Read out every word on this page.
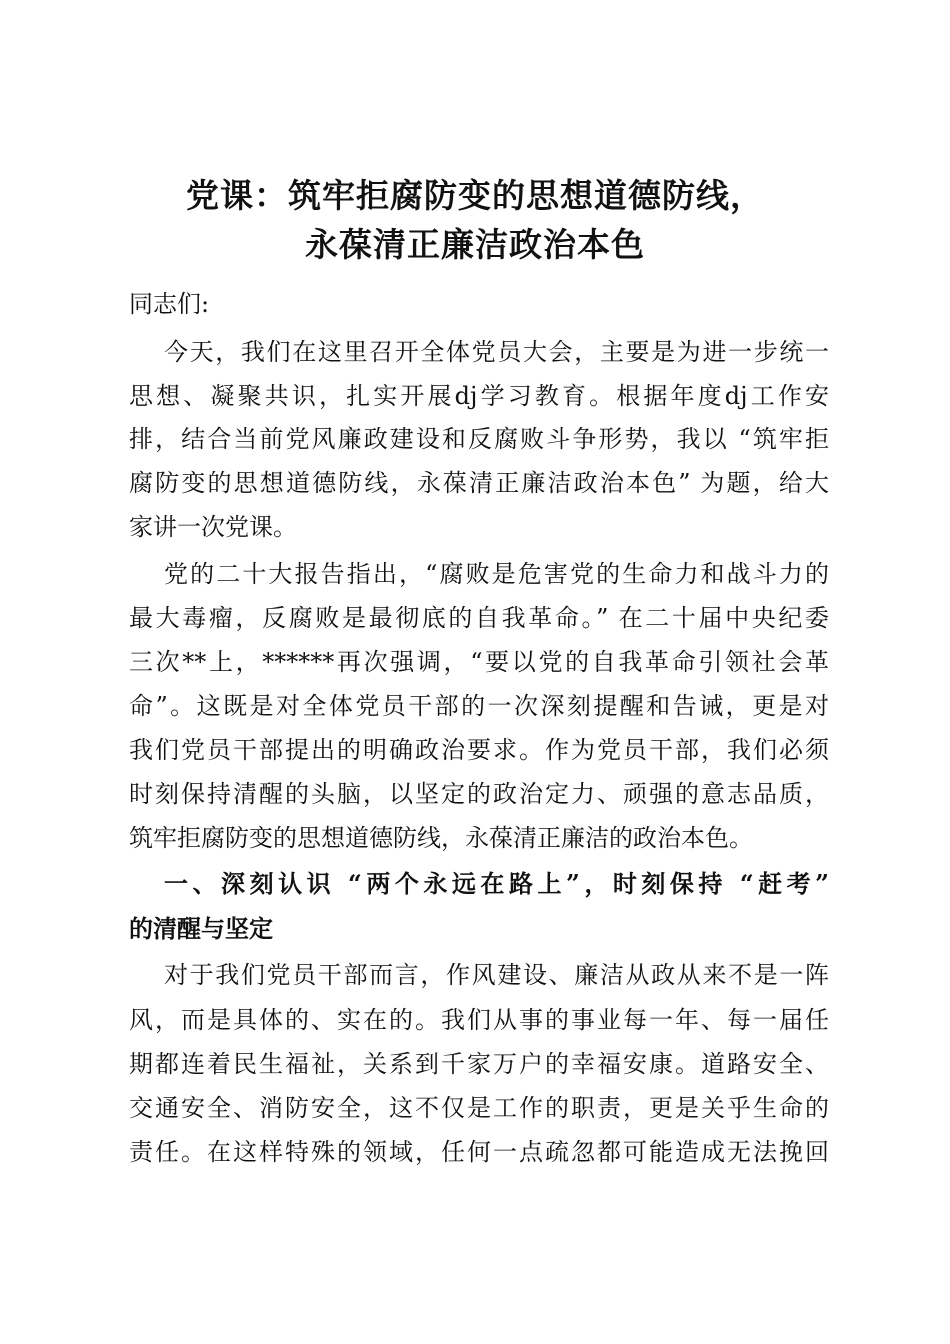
党课：筑牢拒腐防变的思想道德防线，
永葆清正廉洁政治本色
同志们:
今天，我们在这里召开全体党员大会，主要是为进一步统一
思想、凝聚共识，扎实开展dj学习教育。根据年度dj工作安
排，结合当前党风廉政建设和反腐败斗争形势，我以 “筑牢拒
腐防变的思想道德防线，永葆清正廉洁政治本色” 为题，给大
家讲一次党课。
党的二十大报告指出，“腐败是危害党的生命力和战斗力的
最大毒瘤，反腐败是最彻底的自我革命。” 在二十届中央纪委
三次**上，******再次强调，“要以党的自我革命引领社会革
命”。这既是对全体党员干部的一次深刻提醒和告诫，更是对
我们党员干部提出的明确政治要求。作为党员干部，我们必须
时刻保持清醒的头脑，以坚定的政治定力、顽强的意志品质，
筑牢拒腐防变的思想道德防线，永葆清正廉洁的政治本色。
一、深刻认识 “两个永远在路上”，时刻保持 “赶考”
的清醒与坚定
对于我们党员干部而言，作风建设、廉洁从政从来不是一阵
风，而是具体的、实在的。我们从事的事业每一年、每一届任
期都连着民生福祉，关系到千家万户的幸福安康。道路安全、
交通安全、消防安全，这不仅是工作的职责，更是关乎生命的
责任。在这样特殊的领域，任何一点疏忽都可能造成无法挽回
